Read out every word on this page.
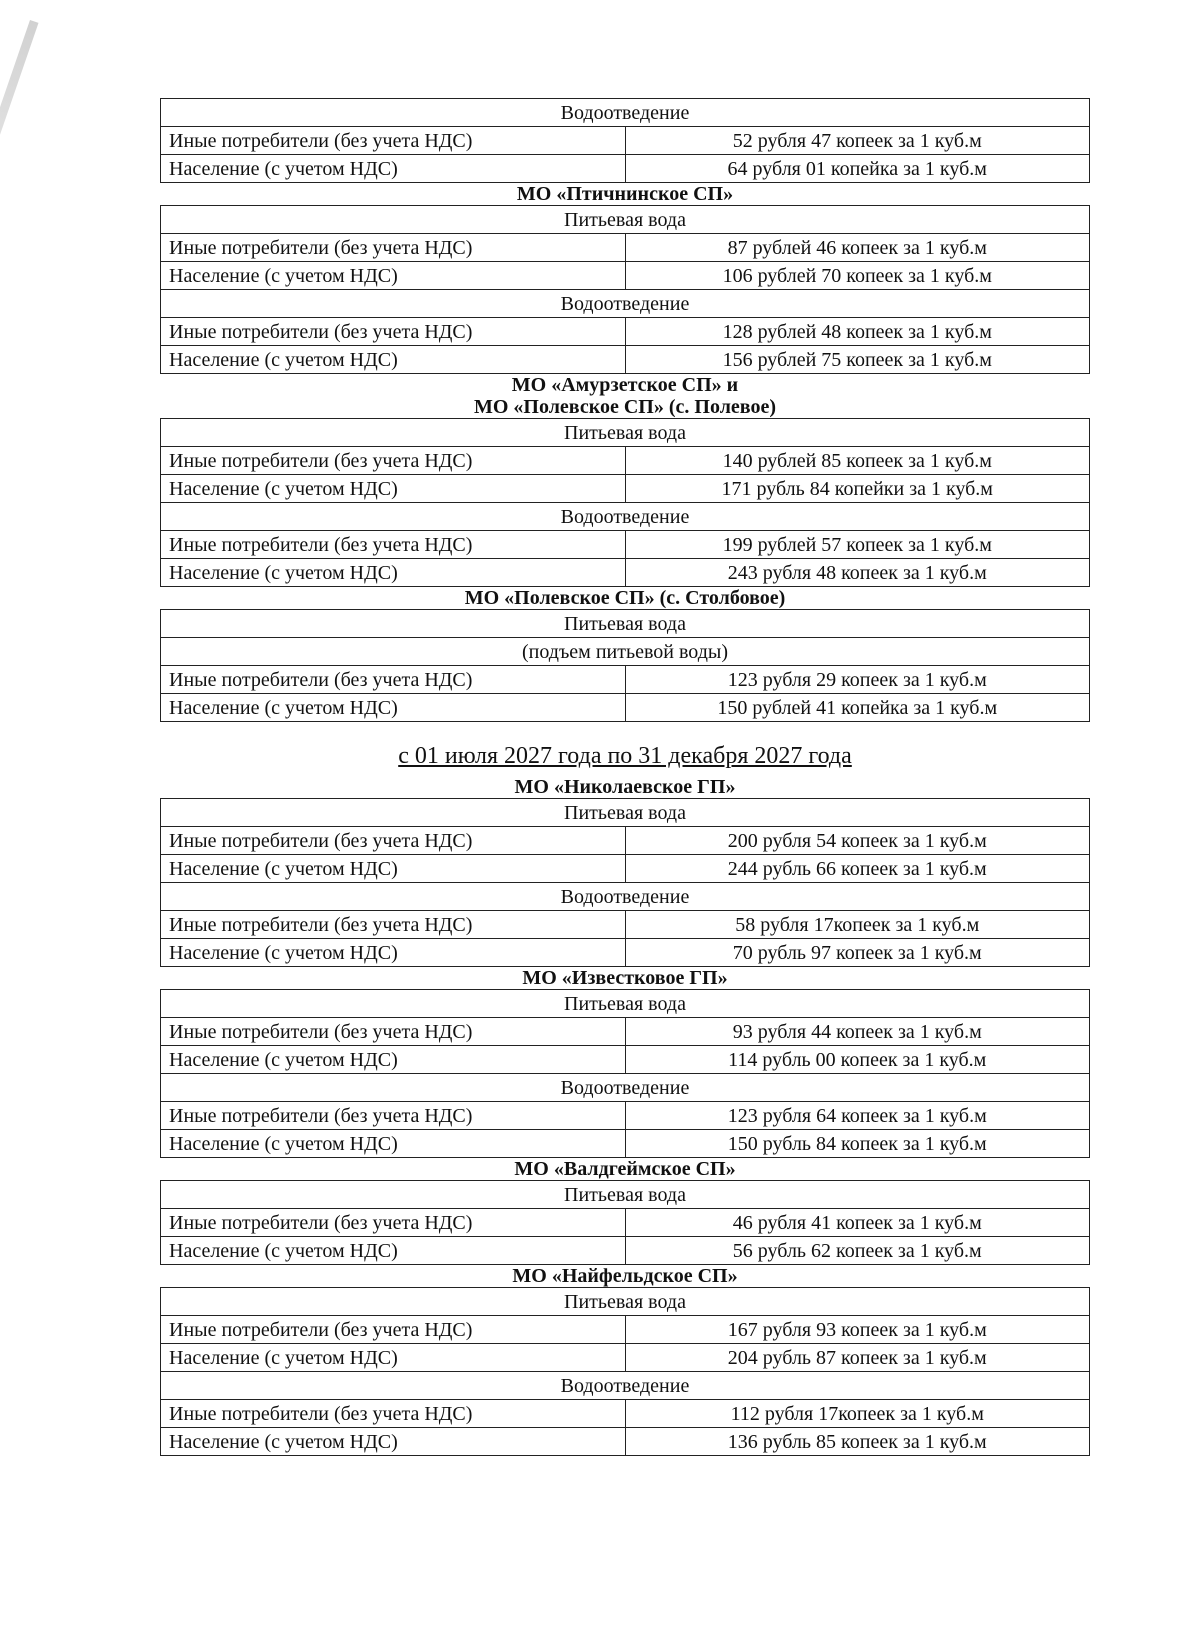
Водоотведение	
Иные потребители (без учета НДС)	52 рубля 47 копеек за 1 куб.м
Население (с учетом НДС)	64 рубля 01 копейка за 1 куб.м
МО «Птичнинское СП»
Питьевая вода	
Иные потребители (без учета НДС)	87 рублей 46 копеек за 1 куб.м
Население (с учетом НДС)	106 рублей 70 копеек за 1 куб.м
Водоотведение	
Иные потребители (без учета НДС)	128 рублей 48 копеек за 1 куб.м
Население (с учетом НДС)	156 рублей 75 копеек за 1 куб.м
МО «Амурзетское СП» и
МО «Полевское СП» (с. Полевое)
Питьевая вода	
Иные потребители (без учета НДС)	140 рублей 85 копеек за 1 куб.м
Население (с учетом НДС)	171 рубль 84 копейки за 1 куб.м
Водоотведение	
Иные потребители (без учета НДС)	199 рублей 57 копеек за 1 куб.м
Население (с учетом НДС)	243 рубля 48 копеек за 1 куб.м
МО «Полевское СП» (с. Столбовое)
Питьевая вода	
(подъем питьевой воды)	
Иные потребители (без учета НДС)	123 рубля 29 копеек за 1 куб.м
Население (с учетом НДС)	150 рублей 41 копейка за 1 куб.м
с 01 июля 2027 года по 31 декабря 2027 года
МО «Николаевское ГП»
Питьевая вода	
Иные потребители (без учета НДС)	200 рубля 54 копеек за 1 куб.м
Население (с учетом НДС)	244 рубль 66 копеек за 1 куб.м
Водоотведение	
Иные потребители (без учета НДС)	58 рубля 17копеек за 1 куб.м
Население (с учетом НДС)	70 рубль 97 копеек за 1 куб.м
МО «Известковое ГП»
Питьевая вода	
Иные потребители (без учета НДС)	93 рубля 44 копеек за 1 куб.м
Население (с учетом НДС)	114 рубль 00 копеек за 1 куб.м
Водоотведение	
Иные потребители (без учета НДС)	123 рубля 64 копеек за 1 куб.м
Население (с учетом НДС)	150 рубль 84 копеек за 1 куб.м
МО «Валдгеймское СП»
Питьевая вода	
Иные потребители (без учета НДС)	46 рубля 41 копеек за 1 куб.м
Население (с учетом НДС)	56 рубль 62 копеек за 1 куб.м
МО «Найфельдское СП»
Питьевая вода	
Иные потребители (без учета НДС)	167 рубля 93 копеек за 1 куб.м
Население (с учетом НДС)	204 рубль 87 копеек за 1 куб.м
Водоотведение	
Иные потребители (без учета НДС)	112 рубля 17копеек за 1 куб.м
Население (с учетом НДС)	136 рубль 85 копеек за 1 куб.м
